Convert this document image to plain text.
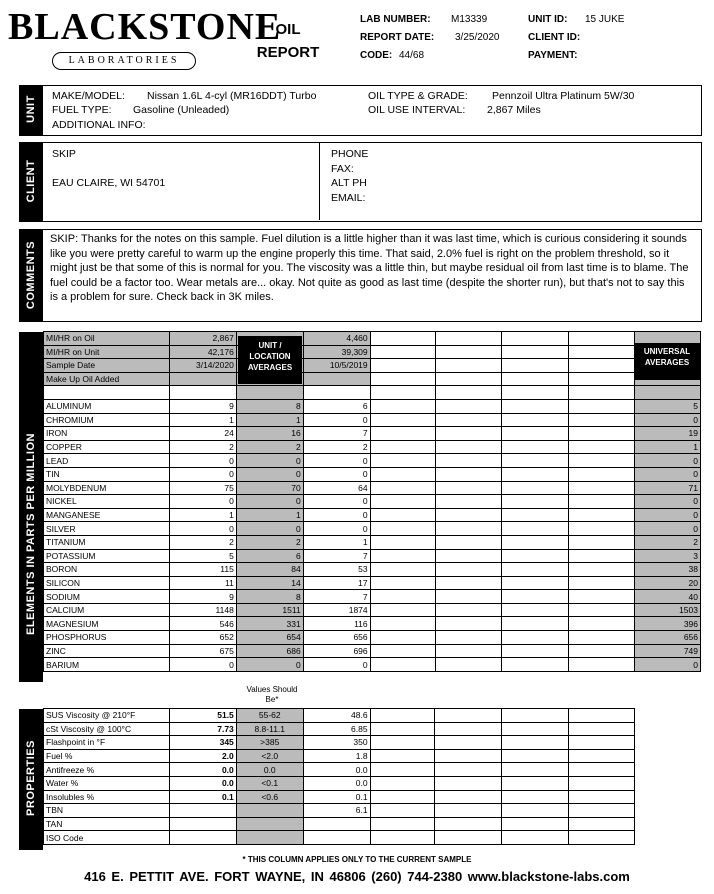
BLACKSTONE
LABORATORIES
OIL
REPORT
LAB NUMBER: M13339
REPORT DATE: 3/25/2020
CODE: 44/68
UNIT ID: 15 JUKE
CLIENT ID:
PAYMENT:
UNIT MAKE/MODEL: Nissan 1.6L 4-cyl (MR16DDT) Turbo
FUEL TYPE: Gasoline (Unleaded)
ADDITIONAL INFO:
OIL TYPE & GRADE: Pennzoil Ultra Platinum 5W/30
OIL USE INTERVAL: 2,867 Miles
CLIENT
SKIP
EAU CLAIRE, WI 54701
PHONE
FAX:
ALT PH
EMAIL:
COMMENTS
SKIP: Thanks for the notes on this sample. Fuel dilution is a little higher than it was last time, which is curious considering it sounds like you were pretty careful to warm up the engine properly this time. That said, 2.0% fuel is right on the problem threshold, so it might just be that some of this is normal for you. The viscosity was a little thin, but maybe residual oil from last time is to blame. The fuel could be a factor too. Wear metals are... okay. Not quite as good as last time (despite the shorter run), but that's not to say this is a problem for sure. Check back in 3K miles.
ELEMENTS IN PARTS PER MILLION
MI/HR on Oil	2,867		4,460					
MI/HR on Unit	42,176		39,309					
Sample Date	3/14/2020		10/5/2019					
Make Up Oil Added								

ALUMINUM	9	8	6					5
CHROMIUM	1	1	0					0
IRON	24	16	7					19
COPPER	2	2	2					1
LEAD	0	0	0					0
TIN	0	0	0					0
MOLYBDENUM	75	70	64					71
NICKEL	0	0	0					0
MANGANESE	1	1	0					0
SILVER	0	0	0					0
TITANIUM	2	2	1					2
POTASSIUM	5	6	7					3
BORON	115	84	53					38
SILICON	11	14	17					20
SODIUM	9	8	7					40
CALCIUM	1148	1511	1874					1503
MAGNESIUM	546	331	116					396
PHOSPHORUS	652	654	656					656
ZINC	675	686	696					749
BARIUM	0	0	0					0
UNIT / LOCATION AVERAGES
UNIVERSAL AVERAGES
Values Should Be*
PROPERTIES
SUS Viscosity @ 210°F	51.5	55-62	48.6				
cSt Viscosity @ 100°C	7.73	8.8-11.1	6.85				
Flashpoint in °F	345	>385	350				
Fuel %	2.0	<2.0	1.8				
Antifreeze %	0.0	0.0	0.0				
Water %	0.0	<0.1	0.0				
Insolubles %	0.1	<0.6	0.1				
TBN			6.1				
TAN							
ISO Code							
* THIS COLUMN APPLIES ONLY TO THE CURRENT SAMPLE
416 E. PETTIT AVE. FORT WAYNE, IN 46806 (260) 744-2380 www.blackstone-labs.com
